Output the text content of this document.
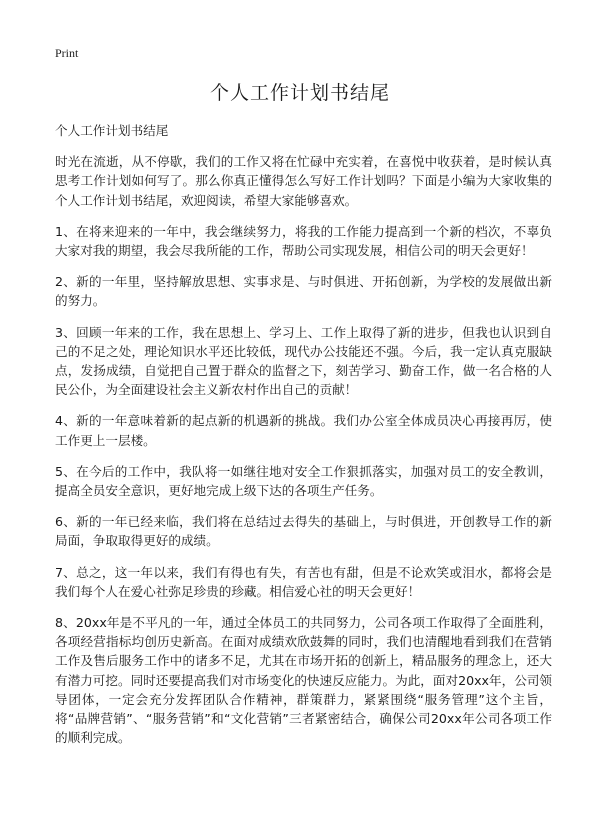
Print
个人工作计划书结尾

个人工作计划书结尾

时光在流逝，从不停歇，我们的工作又将在忙碌中充实着，在喜悦中收获着，是时候认真思考工作计划如何写了。那么你真正懂得怎么写好工作计划吗？下面是小编为大家收集的个人工作计划书结尾，欢迎阅读，希望大家能够喜欢。

1、在将来迎来的一年中，我会继续努力，将我的工作能力提高到一个新的档次，不辜负大家对我的期望，我会尽我所能的工作，帮助公司实现发展，相信公司的明天会更好！

2、新的一年里，坚持解放思想、实事求是、与时俱进、开拓创新，为学校的发展做出新的努力。

3、回顾一年来的工作，我在思想上、学习上、工作上取得了新的进步，但我也认识到自己的不足之处，理论知识水平还比较低，现代办公技能还不强。今后，我一定认真克服缺点，发扬成绩，自觉把自己置于群众的监督之下，刻苦学习、勤奋工作，做一名合格的人民公仆，为全面建设社会主义新农村作出自己的贡献！

4、新的一年意味着新的起点新的机遇新的挑战。我们办公室全体成员决心再接再厉，使工作更上一层楼。

5、在今后的工作中，我队将一如继往地对安全工作狠抓落实，加强对员工的安全教训，提高全员安全意识，更好地完成上级下达的各项生产任务。

6、新的一年已经来临，我们将在总结过去得失的基础上，与时俱进，开创教导工作的新局面，争取取得更好的成绩。

7、总之，这一年以来，我们有得也有失，有苦也有甜，但是不论欢笑或泪水，都将会是我们每个人在爱心社弥足珍贵的珍藏。相信爱心社的明天会更好！

8、20xx年是不平凡的一年，通过全体员工的共同努力，公司各项工作取得了全面胜利，各项经营指标均创历史新高。在面对成绩欢欣鼓舞的同时，我们也清醒地看到我们在营销工作及售后服务工作中的诸多不足，尤其在市场开拓的创新上，精品服务的理念上，还大有潜力可挖。同时还要提高我们对市场变化的快速反应能力。为此，面对20xx年，公司领导团体，一定会充分发挥团队合作精神，群策群力，紧紧围绕“服务管理”这个主旨，将“品牌营销”、“服务营销”和“文化营销”三者紧密结合，确保公司20xx年公司各项工作的顺利完成。
